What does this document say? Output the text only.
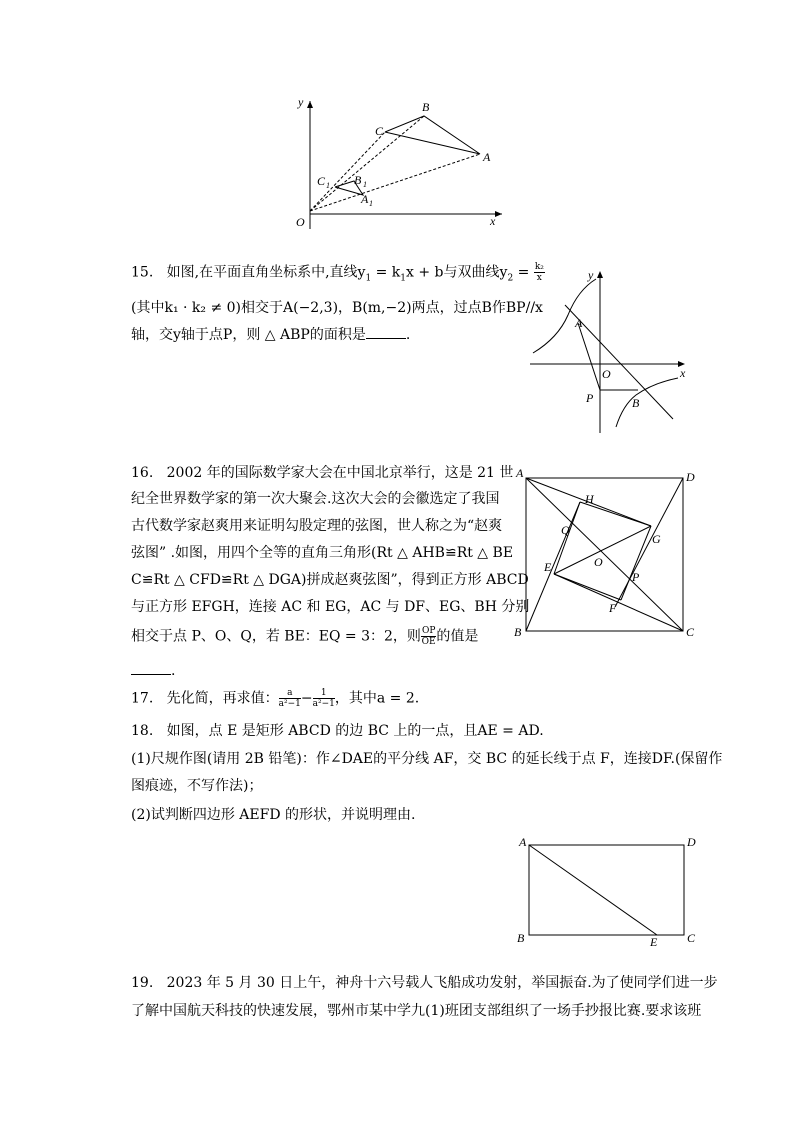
y
x
O
B
C
A
C 1 B 1
A 1
15. 如图,在平面直角坐标系中,直线$y_1 = k_1x + b$与双曲线$y_2 = \frac{\text{k₂}}{x}$
(其中k₁ · k₂ ≠ 0)相交于A(−2,3)，B(m,−2)两点，过点B作BP//x
轴，交y轴于点P，则 △ ABP的面积是	.
A
y
x
O
P	B
16. 2002 年的国际数学家大会在中国北京举行，这是 21 世
纪全世界数学家的第一次大聚会.这次大会的会徽选定了我国
古代数学家赵爽用来证明勾股定理的弦图，世人称之为“赵爽
弦图” .如图，用四个全等的直角三角形(Rt △ AHB≌Rt △ BE
C≌Rt △ CFD≌Rt △ DGA)拼成赵爽弦图”，得到正方形 ABCD
与正方形 EFGH，连接 AC 和 EG，AC 与 DF、EG、BH 分别
相交于点 P、O、Q，若 BE：EQ = 3：2，则 $\frac{OP}{OE}$ 的值是
.
A	D
B	C
H
G
Q
O
E
P
F
17. 先化简，再求值： $\frac{a}{\text{a²−1}} - \frac{1}{\text{a²−1}}$ ，其中a = 2.
18. 如图，点 E 是矩形 ABCD 的边 BC 上的一点，且AE = AD.
(1)尺规作图(请用 2B 铅笔)：作∠DAE的平分线 AF，交 BC 的延长线于点 F，连接DF.(保留作
图痕迹，不写作法)；
(2)试判断四边形 AEFD 的形状，并说明理由.
A	D
B	E C
19. 2023 年 5 月 30 日上午，神舟十六号载人飞船成功发射，举国振奋.为了使同学们进一步
了解中国航天科技的快速发展，鄂州市某中学九(1)班团支部组织了一场手抄报比赛.要求该班
